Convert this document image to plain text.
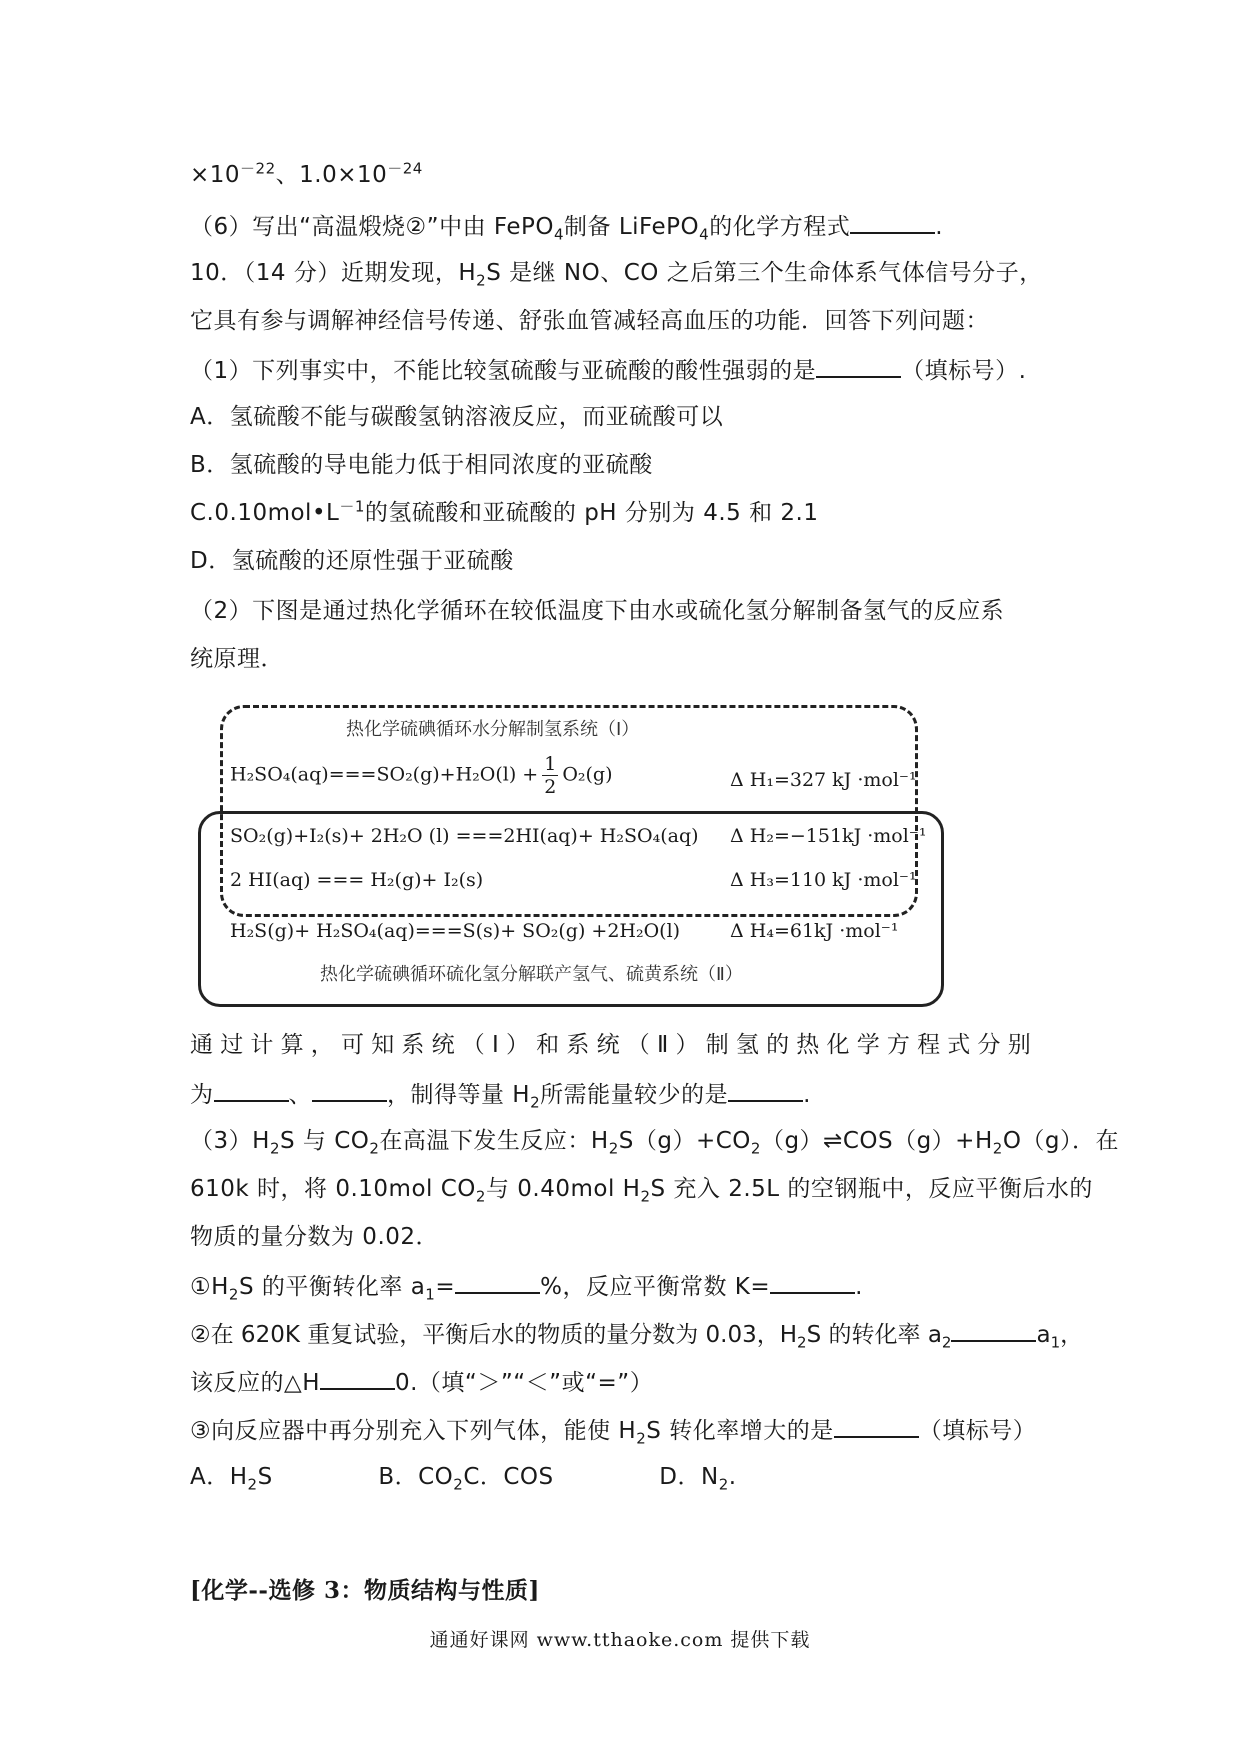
$\times 10^{-22}$、$1.0\times 10^{-24}$
（6）写出“高温煅烧②”中由 FePO$_4$制备 LiFePO$_4$的化学方程式	.
10．（14 分）近期发现，$H_2S$ 是继 NO、CO 之后第三个生命体系气体信号分子，
它具有参与调解神经信号传递、舒张血管减轻高血压的功能．回答下列问题：
（1）下列事实中，不能比较氢硫酸与亚硫酸的酸性强弱的是	（填标号）.
A．氢硫酸不能与碳酸氢钠溶液反应，而亚硫酸可以
B．氢硫酸的导电能力低于相同浓度的亚硫酸
$C.0.10mol•L^{-1}$的氢硫酸和亚硫酸的 pH 分别为 4.5 和 2.1
D．氢硫酸的还原性强于亚硫酸
（2）下图是通过热化学循环在较低温度下由水或硫化氢分解制备氢气的反应系
统原理．
热化学硫碘循环水分解制氢系统（Ⅰ）
$H_2SO_4(aq)===SO_2(g)+H_2O(l) + \frac{1}{2} O_2(g)$	Δ H₁=327 kJ ·mol⁻¹
SO₂(g)+I₂(s)+ 2H₂O (l) ===2HI(aq)+ H₂SO₄(aq) Δ H₂=−151kJ ·mol⁻¹
2 HI(aq) === H₂(g)+ I₂(s)	Δ H₃=110 kJ ·mol⁻¹
H₂S(g)+ H₂SO₄(aq)===S(s)+ SO₂(g) +2H₂O(l)	Δ H₄=61kJ ·mol⁻¹
热化学硫碘循环硫化氢分解联产氢气、硫黄系统（Ⅱ）
通过计算，可知系统（Ⅰ）和系统（Ⅱ）制氢的热化学方程式分别
为	、	，制得等量 $H_2$所需能量较少的是	.
$(3)H_2S$ 与 $CO_2$在高温下发生反应：$H_2S(g)+CO_2(g)\rightleftharpoons COS(g)+H_2O(g)$．在
610k 时，将 0.10mol $CO_2$与 0.40mol $H_2S$ 充入 2.5L 的空钢瓶中，反应平衡后水的
物质的量分数为 0.02．
$①H_2S$ 的平衡转化率 $a_1=$	%，反应平衡常数 K=	.
②在 620K 重复试验，平衡后水的物质的量分数为 0.03，$H_2S$ 的转化率 $a_2$	$a_1$，
该反应的△H	0.（填“＞”“＜”或“=”）
③向反应器中再分别充入下列气体，能使 $H_2S$ 转化率增大的是	（填标号）
A．$H_2S$	B．$CO_2C$．COS	D．$N_2$.
[化学--选修 3：物质结构与性质]
通通好课网 www.tthaoke.com 提供下载
